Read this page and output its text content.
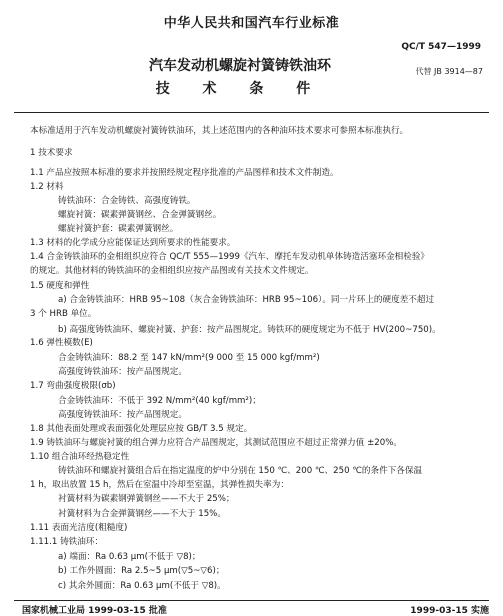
中华人民共和国汽车行业标准
QC/T 547—1999
汽车发动机螺旋衬簧铸铁油环
技 术 条 件
代替 JB 3914—87
本标准适用于汽车发动机螺旋衬簧铸铁油环，其上述范围内的各种油环技术要求可参照本标准执行。
1 技术要求
1.1 产品应按照本标准的要求并按照经规定程序批准的产品图样和技术文件制造。
1.2 材料
铸铁油环：合金铸铁、高强度铸铁。
螺旋衬簧：碳素弹簧钢丝、合金弹簧钢丝。
螺旋衬簧护套：碳素弹簧钢丝。
1.3 材料的化学成分应能保证达到所要求的性能要求。
1.4 合金铸铁油环的金相组织应符合 QC/T 555—1999《汽车、摩托车发动机单体铸造活塞环金相检验》
的规定。其他材料的铸铁油环的金相组织应按产品图或有关技术文件规定。
1.5 硬度和弹性
a) 合金铸铁油环：HRB 95~108（灰合金铸铁油环：HRB 95~106）。同一片环上的硬度差不超过
3 个 HRB 单位。
b) 高强度铸铁油环、螺旋衬簧、护套：按产品图规定。铸铁环的硬度规定为不低于 HV(200~750)。
1.6 弹性模数(E)
合金铸铁油环：88.2 至 147 kN/mm²(9 000 至 15 000 kgf/mm²)
高强度铸铁油环：按产品图规定。
1.7 弯曲强度极限(σb)
合金铸铁油环：不低于 392 N/mm²(40 kgf/mm²)；
高强度铸铁油环：按产品图规定。
1.8 其他表面处理或表面强化处理层应按 GB/T 3.5 规定。
1.9 铸铁油环与螺旋衬簧的组合弹力应符合产品图规定，其测试范围应不超过正常弹力值 ±20%。
1.10 组合油环经热稳定性
铸铁油环和螺旋衬簧组合后在指定温度的炉中分别在 150 ℃、200 ℃、250 ℃的条件下各保温
1 h，取出放置 15 h，然后在室温中冷却至室温，其弹性损失率为：
衬簧材料为碳素钢弹簧钢丝——不大于 25%；
衬簧材料为合金弹簧钢丝——不大于 15%。
1.11 表面光洁度(粗糙度)
1.11.1 铸铁油环：
a) 端面：Ra 0.63 μm(不低于 ▽8)；
b) 工作外圆面：Ra 2.5~5 μm(▽5~▽6)；
c) 其余外圆面：Ra 0.63 μm(不低于 ▽8)。
国家机械工业局 1999-03-15 批准	1999-03-15 实施
